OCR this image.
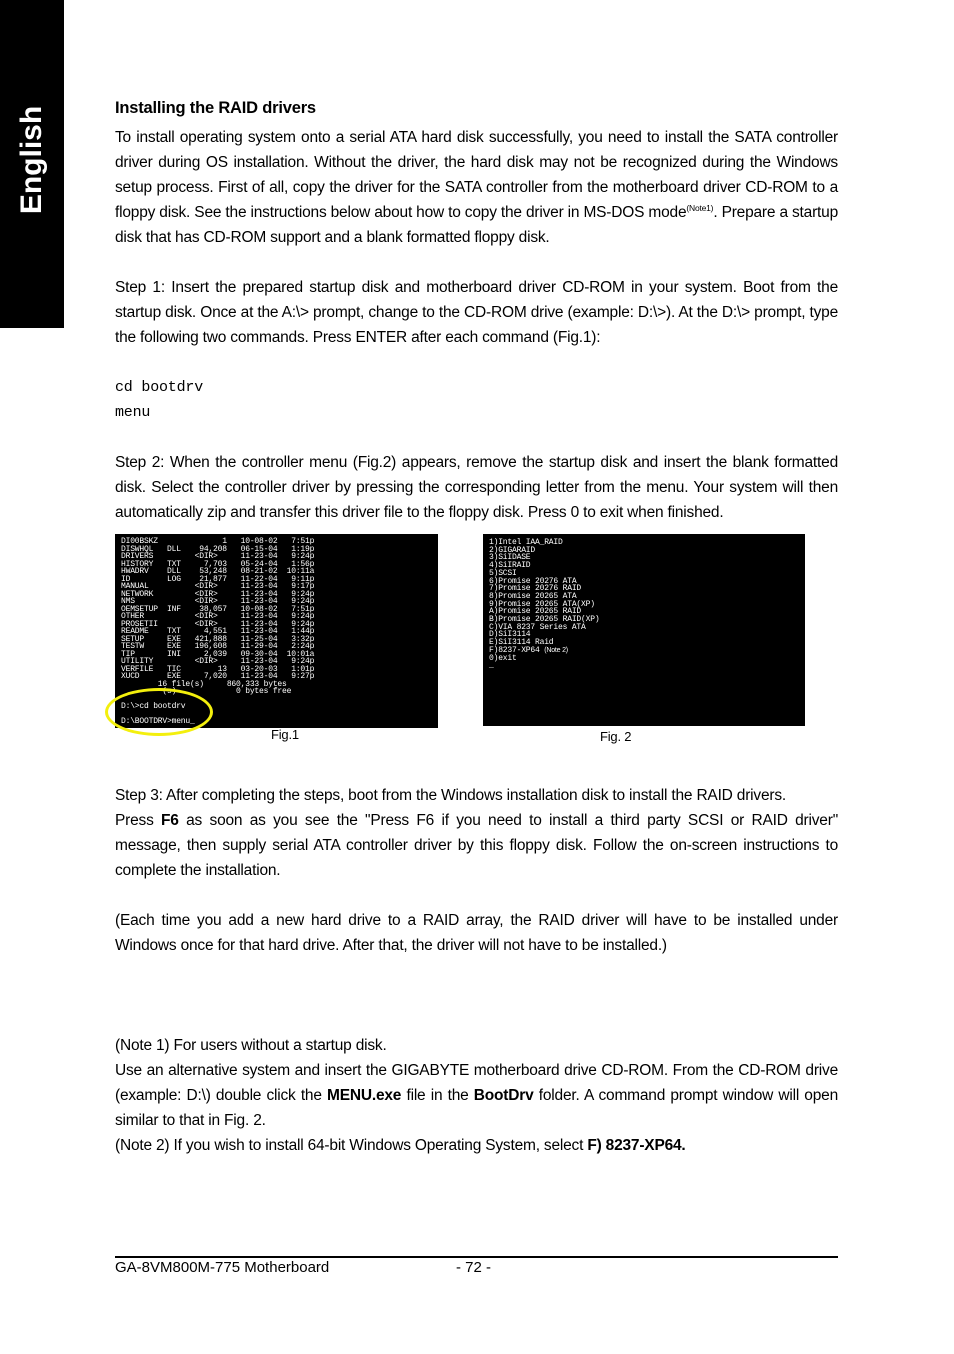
English	Installing the RAID drivers

To install operating system onto a serial ATA hard disk successfully, you need to install the SATA controller driver during OS installation. Without the driver, the hard disk may not be recognized during the Windows setup process. First of all, copy the driver for the SATA controller from the motherboard driver CD-ROM to a floppy disk. See the instructions below about how to copy the driver in MS-DOS mode$^{(Note1)}$. Prepare a startup disk that has CD-ROM support and a blank formatted floppy disk.

Step 1: Insert the prepared startup disk and motherboard driver CD-ROM in your system. Boot from the startup disk. Once at the A:\> prompt, change to the CD-ROM drive (example: D:\>). At the D:\> prompt, type the following two commands. Press ENTER after each command (Fig.1):

cd bootdrv

menu

Step 2: When the controller menu (Fig.2) appears, remove the startup disk and insert the blank formatted disk. Select the controller driver by pressing the corresponding letter from the menu. Your system will then automatically zip and transfer this driver file to the floppy disk. Press 0 to exit when finished.

DI00BSKZ              1   10-08-02   7:51p
DISWHQL   DLL    94,208   06-15-04   1:19p
DRIVERS         <DIR>     11-23-04   9:24p
HISTORY   TXT     7,703   05-24-04   1:56p
HWADRV    DLL    53,248   08-21-02  10:11a
ID        LOG    21,877   11-22-04   9:11p
MANUAL          <DIR>     11-23-04   9:17p
NETWORK         <DIR>     11-23-04   9:24p
NMS             <DIR>     11-23-04   9:24p
OEMSETUP  INF    38,057   10-08-02   7:51p
OTHER           <DIR>     11-23-04   9:24p
PROSETII        <DIR>     11-23-04   9:24p
README    TXT     4,551   11-23-04   1:44p
SETUP     EXE   421,888   11-25-04   3:32p
TESTW     EXE   196,608   11-29-04   2:24p
TIP       INI     2,039   09-30-04  10:01a
UTILITY         <DIR>     11-23-04   9:24p
VERFILE   TIC        13   03-20-03   1:01p
XUCD      EXE     7,020   11-23-04   9:27p
16 file(s)     860,333 bytes
(s)             0 bytes free

D:\>cd bootdrv

D:\BOOTDRV>menu_
1)Intel IAA_RAID
2)GIGARAID
3)SiIDASE
4)SiIRAID
5)SCSI
6)Promise 20276 ATA
7)Promise 20276 RAID
8)Promise 20265 ATA
9)Promise 20265 ATA(XP)
A)Promise 20265 RAID
B)Promise 20265 RAID(XP)
C)VIA 8237 Series ATA
D)SiI3114
E)SiI3114 Raid
F)8237-XP64 (Note 2)
0)exit
_
Fig.1	Fig. 2

Step 3: After completing the steps, boot from the Windows installation disk to install the RAID drivers.
Press F6 as soon as you see the "Press F6 if you need to install a third party SCSI or RAID driver" message, then supply serial ATA controller driver by this floppy disk. Follow the on-screen instructions to complete the installation.

(Each time you add a new hard drive to a RAID array, the RAID driver will have to be installed under Windows once for that hard drive. After that, the driver will not have to be installed.)

(Note 1) For users without a startup disk.

Use an alternative system and insert the GIGABYTE motherboard drive CD-ROM. From the CD-ROM drive (example: D:\) double click the MENU.exe file in the BootDrv folder. A command prompt window will open similar to that in Fig. 2.

(Note 2) If you wish to install 64-bit Windows Operating System, select F) 8237-XP64.

GA-8VM800M-775 Motherboard	- 72 -
